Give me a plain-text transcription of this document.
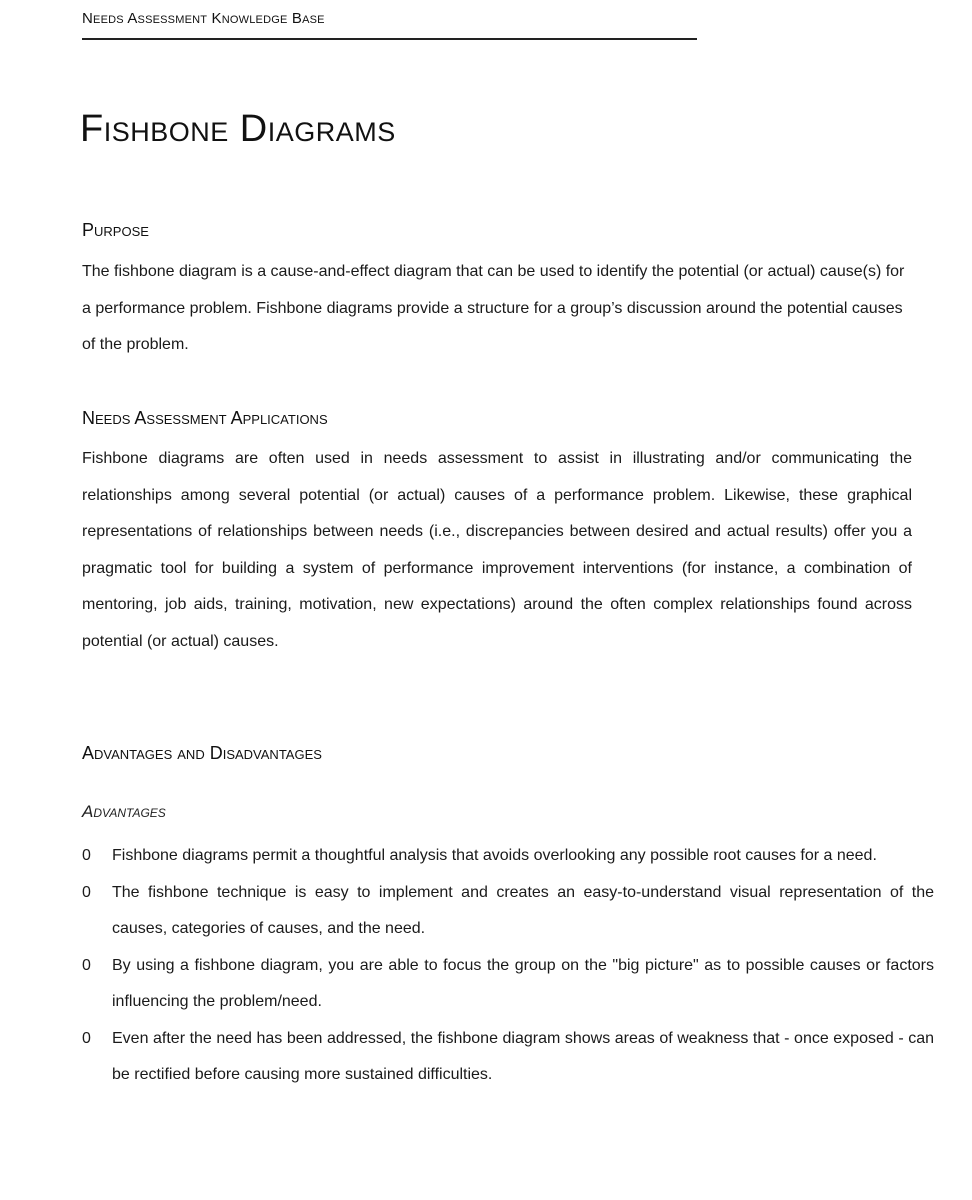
Needs Assessment Knowledge Base
Fishbone Diagrams
Purpose

The fishbone diagram is a cause-and-effect diagram that can be used to identify the potential (or actual) cause(s) for a performance problem. Fishbone diagrams provide a structure for a group’s discussion around the potential causes of the problem.

Needs Assessment Applications

Fishbone diagrams are often used in needs assessment to assist in illustrating and/or communicating the relationships among several potential (or actual) causes of a performance problem. Likewise, these graphical representations of relationships between needs (i.e., discrepancies between desired and actual results) offer you a pragmatic tool for building a system of performance improvement interventions (for instance, a combination of mentoring, job aids, training, motivation, new expectations) around the often complex relationships found across potential (or actual) causes.

Advantages and Disadvantages
Advantages
0	Fishbone diagrams permit a thoughtful analysis that avoids overlooking any possible root causes for a need.
0	The fishbone technique is easy to implement and creates an easy-to-understand visual representation of the causes, categories of causes, and the need.
0	By using a fishbone diagram, you are able to focus the group on the "big picture" as to possible causes or factors influencing the problem/need.
0	Even after the need has been addressed, the fishbone diagram shows areas of weakness that - once exposed - can be rectified before causing more sustained difficulties.
